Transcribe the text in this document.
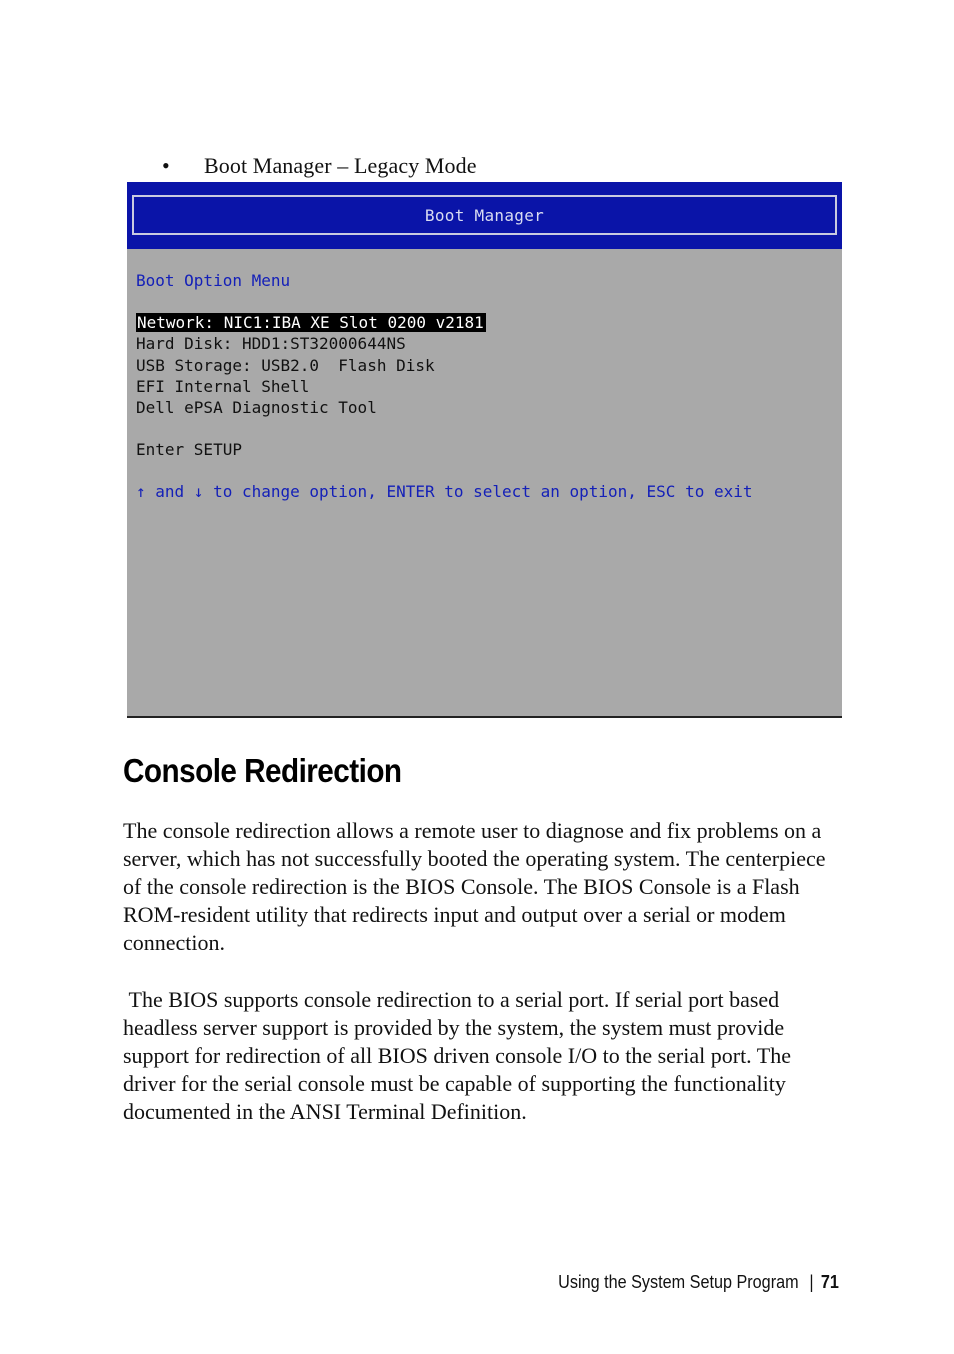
• Boot Manager – Legacy Mode
Boot Manager
Boot Option Menu
Network: NIC1:IBA XE Slot 0200 v2181
Hard Disk: HDD1:ST32000644NS
USB Storage: USB2.0  Flash Disk
EFI Internal Shell
Dell ePSA Diagnostic Tool
Enter SETUP
↑ and ↓ to change option, ENTER to select an option, ESC to exit
Console Redirection

The console redirection allows a remote user to diagnose and fix problems on a server, which has not successfully booted the operating system. The centerpiece of the console redirection is the BIOS Console. The BIOS Console is a Flash ROM-resident utility that redirects input and output over a serial or modem connection.

The BIOS supports console redirection to a serial port. If serial port based headless server support is provided by the system, the system must provide support for redirection of all BIOS driven console I/O to the serial port. The driver for the serial console must be capable of supporting the functionality documented in the ANSI Terminal Definition.

Using the System Setup Program | 71
